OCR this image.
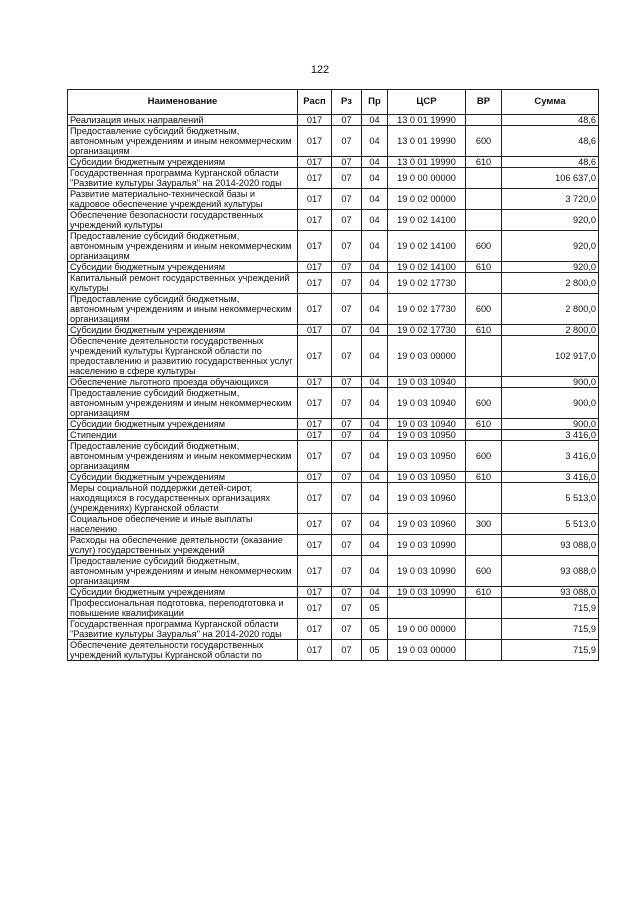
122
Наименование	Расп	Рз	Пр	ЦСР	ВР	Сумма
Реализация иных направлений	017	07	04	13 0 01 19990		48,6
Предоставление субсидий бюджетным, автономным учреждениям и иным некоммерческим организациям	017	07	04	13 0 01 19990	600	48,6
Субсидии бюджетным учреждениям	017	07	04	13 0 01 19990	610	48,6
Государственная программа Курганской области "Развитие культуры Зауралья" на 2014-2020 годы	017	07	04	19 0 00 00000		106 637,0
Развитие материально-технической базы и кадровое обеспечение учреждений культуры	017	07	04	19 0 02 00000		3 720,0
Обеспечение безопасности государственных учреждений культуры	017	07	04	19 0 02 14100		920,0
Предоставление субсидий бюджетным, автономным учреждениям и иным некоммерческим организациям	017	07	04	19 0 02 14100	600	920,0
Субсидии бюджетным учреждениям	017	07	04	19 0 02 14100	610	920,0
Капитальный ремонт государственных учреждений культуры	017	07	04	19 0 02 17730		2 800,0
Предоставление субсидий бюджетным, автономным учреждениям и иным некоммерческим организациям	017	07	04	19 0 02 17730	600	2 800,0
Субсидии бюджетным учреждениям	017	07	04	19 0 02 17730	610	2 800,0
Обеспечение деятельности государственных учреждений культуры Курганской области по предоставлению и развитию государственных услуг населению в сфере культуры	017	07	04	19 0 03 00000		102 917,0
Обеспечение льготного проезда обучающихся	017	07	04	19 0 03 10940		900,0
Предоставление субсидий бюджетным, автономным учреждениям и иным некоммерческим организациям	017	07	04	19 0 03 10940	600	900,0
Субсидии бюджетным учреждениям	017	07	04	19 0 03 10940	610	900,0
Стипендии	017	07	04	19 0 03 10950		3 416,0
Предоставление субсидий бюджетным, автономным учреждениям и иным некоммерческим организациям	017	07	04	19 0 03 10950	600	3 416,0
Субсидии бюджетным учреждениям	017	07	04	19 0 03 10950	610	3 416,0
Меры социальной поддержки детей-сирот, находящихся в государственных организациях (учреждениях) Курганской области	017	07	04	19 0 03 10960		5 513,0
Социальное обеспечение и иные выплаты населению	017	07	04	19 0 03 10960	300	5 513,0
Расходы на обеспечение деятельности (оказание услуг) государственных учреждений	017	07	04	19 0 03 10990		93 088,0
Предоставление субсидий бюджетным, автономным учреждениям и иным некоммерческим организациям	017	07	04	19 0 03 10990	600	93 088,0
Субсидии бюджетным учреждениям	017	07	04	19 0 03 10990	610	93 088,0
Профессиональная подготовка, переподготовка и повышение квалификации	017	07	05			715,9
Государственная программа Курганской области "Развитие культуры Зауралья" на 2014-2020 годы	017	07	05	19 0 00 00000		715,9
Обеспечение деятельности государственных учреждений культуры Курганской области по	017	07	05	19 0 03 00000		715,9
